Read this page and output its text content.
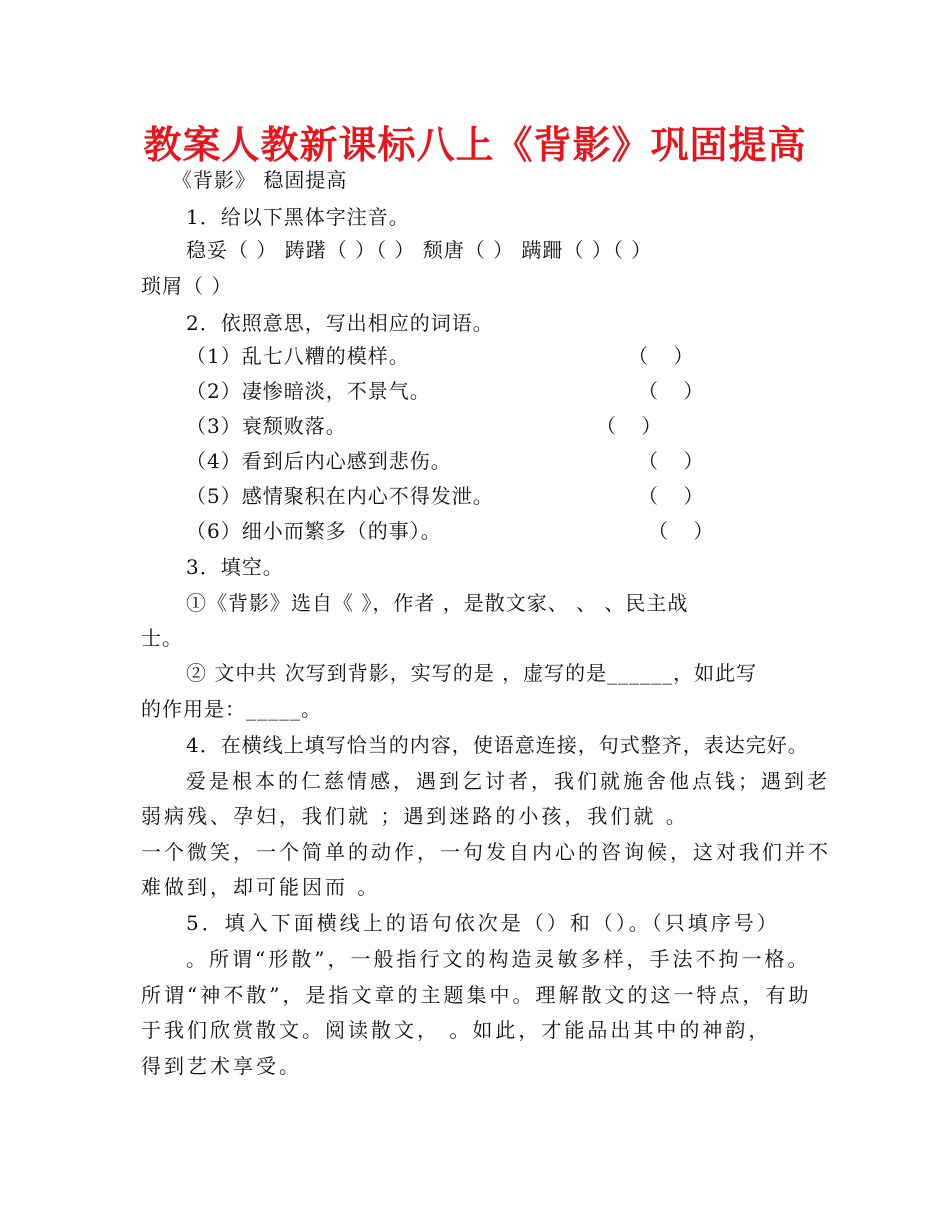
教案人教新课标八上《背影》巩固提高
《背影》 稳固提高
1．给以下黑体字注音。
稳妥（ ） 踌躇（ ）（ ） 颓唐（ ） 蹒跚（ ）（ ）
琐屑（ ）
2．依照意思，写出相应的词语。
（1）乱七八糟的模样。	（    ）
（2）凄惨暗淡，不景气。	（    ）
（3）衰颓败落。	（    ）
（4）看到后内心感到悲伤。	（    ）
（5）感情聚积在内心不得发泄。	（    ）
（6）细小而繁多（的事）。	（    ）
3．填空。
①《背影》选自《 》，作者 ，是散文家、 、 、民主战
士。
② 文中共 次写到背影，实写的是 ，虚写的是______，如此写
的作用是：_____。
4．在横线上填写恰当的内容，使语意连接，句式整齐，表达完好。
爱是根本的仁慈情感，遇到乞讨者，我们就施舍他点钱；遇到老
弱病残、孕妇，我们就 ；遇到迷路的小孩，我们就 。
一个微笑，一个简单的动作，一句发自内心的咨询候，这对我们并不
难做到，却可能因而 。
5．填入下面横线上的语句依次是（）和（）。（只填序号）
。所谓“形散”，一般指行文的构造灵敏多样，手法不拘一格。
所谓“神不散”，是指文章的主题集中。理解散文的这一特点，有助
于我们欣赏散文。阅读散文， 。如此，才能品出其中的神韵，
得到艺术享受。
